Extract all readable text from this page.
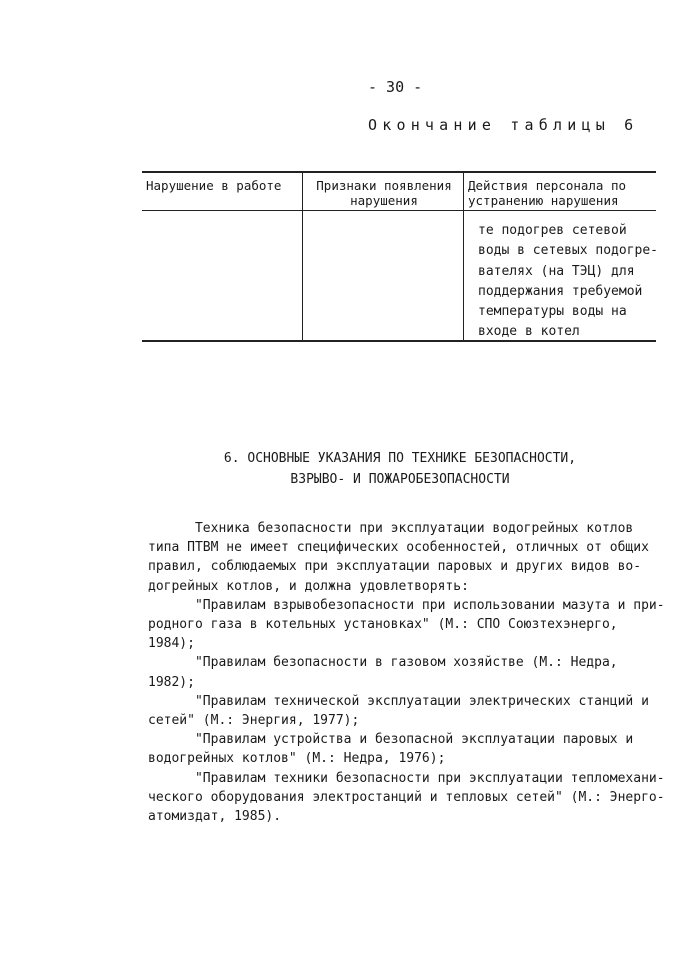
- 30 -
Окончание таблицы 6
Нарушение в работе	Признаки появления
нарушения
Действия персонала по
устранению нарушения
те подогрев сетевой
воды в сетевых подогре-
вателях (на ТЭЦ) для
поддержания требуемой
температуры воды на
входе в котел
6. ОСНОВНЫЕ УКАЗАНИЯ ПО ТЕХНИКЕ БЕЗОПАСНОСТИ,
ВЗРЫВО- И ПОЖАРОБЕЗОПАСНОСТИ
Техника безопасности при эксплуатации водогрейных котлов
типа ПТВМ не имеет специфических особенностей, отличных от общих
правил, соблюдаемых при эксплуатации паровых и других видов во-
догрейных котлов, и должна удовлетворять:
"Правилам взрывобезопасности при использовании мазута и при-
родного газа в котельных установках" (М.: СПО Союзтехэнерго,
1984);
"Правилам безопасности в газовом хозяйстве (М.: Недра,
1982);
"Правилам технической эксплуатации электрических станций и
сетей" (М.: Энергия, 1977);
"Правилам устройства и безопасной эксплуатации паровых и
водогрейных котлов" (М.: Недра, 1976);
"Правилам техники безопасности при эксплуатации тепломехани-
ческого оборудования электростанций и тепловых сетей" (М.: Энерго-
атомиздат, 1985).
